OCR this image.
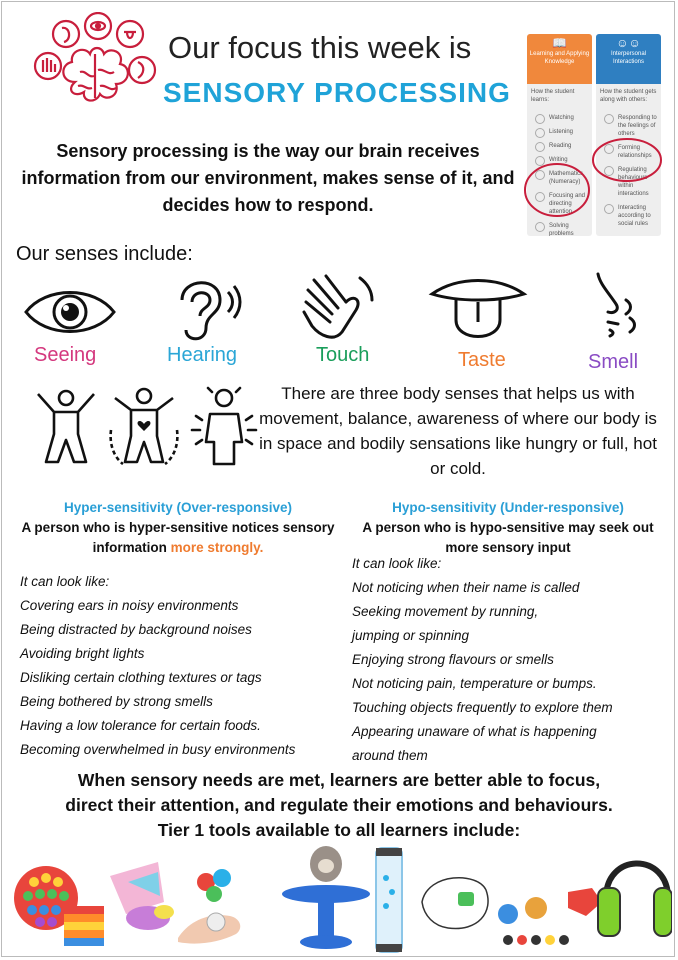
Our focus this week is
SENSORY PROCESSING
Sensory processing is the way our brain receives information from our environment, makes sense of it, and decides how to respond.
📖
Learning and Applying Knowledge
How the student learns:
Watching
Listening
Reading
Writing
Mathematics (Numeracy)
Focusing and directing attention
Solving problems
☺☺
Interpersonal Interactions
How the student gets along with others:
Responding to the feelings of others
Forming relationships
Regulating behaviours within interactions
Interacting according to social rules
Our senses include:
Seeing	Hearing	Touch	Taste	Smell
There are three body senses that helps us with movement, balance, awareness of where our body is in space and bodily sensations like hungry or full, hot or cold.
Hyper-sensitivity (Over-responsive)
A person who is hyper-sensitive notices sensory information more strongly.
It can look like:
Covering ears in noisy environments
Being distracted by background noises
Avoiding bright lights
Disliking certain clothing textures or tags
Being bothered by strong smells
Having a low tolerance for certain foods.
Becoming overwhelmed in busy environments
Hypo-sensitivity (Under-responsive)
A person who is hypo-sensitive may seek out more sensory input
It can look like:
Not noticing when their name is called
Seeking movement by running,
jumping or spinning
Enjoying strong flavours or smells
Not noticing pain, temperature or bumps.
Touching objects frequently to explore them
Appearing unaware of what is happening
around them
When sensory needs are met, learners are better able to focus,
direct their attention, and regulate their emotions and behaviours.
Tier 1 tools available to all learners include:
